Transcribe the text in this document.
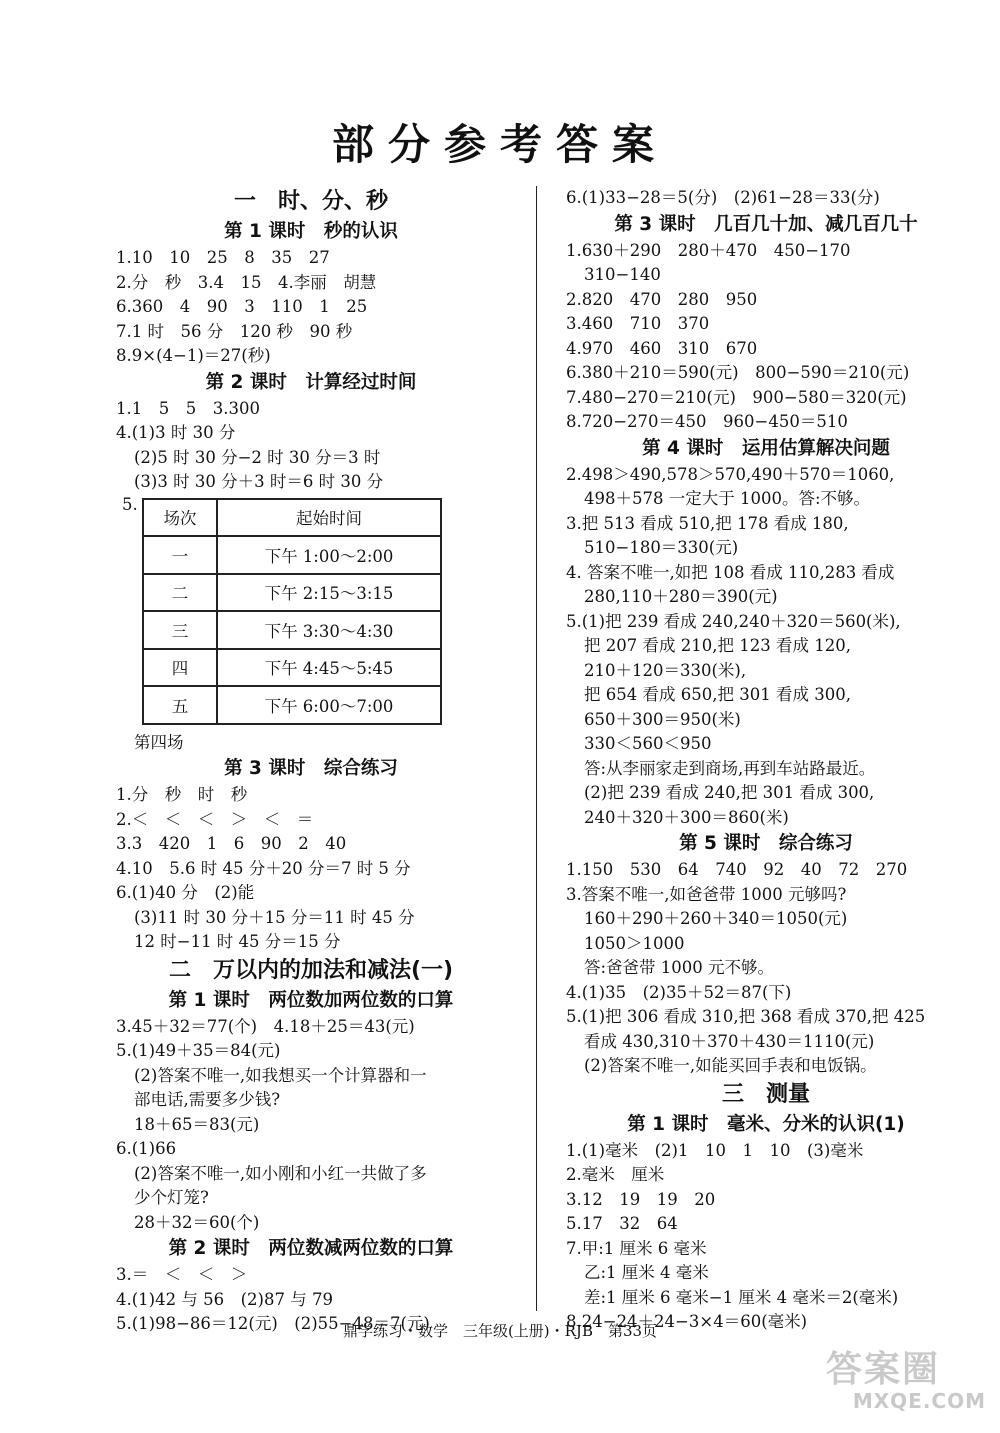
部分参考答案
一　时、分、秒
第 1 课时　秒的认识
1.10　10　25　8　35　27
2.分　秒　3.4　15　4.李丽　胡慧
6.360　4　90　3　110　1　25
7.1 时　56 分　120 秒　90 秒
8.9×(4−1)＝27(秒)
第 2 课时　计算经过时间
1.1　5　5　3.300
4.(1)3 时 30 分
(2)5 时 30 分−2 时 30 分＝3 时
(3)3 时 30 分＋3 时＝6 时 30 分
5.
场次	起始时间
一	下午 1:00～2:00
二	下午 2:15～3:15
三	下午 3:30～4:30
四	下午 4:45～5:45
五	下午 6:00～7:00
第四场
第 3 课时　综合练习
1.分　秒　时　秒
2.＜　＜　＜　＞　＜　＝
3.3　420　1　6　90　2　40
4.10　5.6 时 45 分＋20 分＝7 时 5 分
6.(1)40 分　(2)能
(3)11 时 30 分＋15 分＝11 时 45 分
12 时−11 时 45 分＝15 分
二　万以内的加法和减法(一)
第 1 课时　两位数加两位数的口算
3.45＋32＝77(个)　4.18＋25＝43(元)
5.(1)49＋35＝84(元)
(2)答案不唯一,如我想买一个计算器和一
部电话,需要多少钱?
18＋65＝83(元)
6.(1)66
(2)答案不唯一,如小刚和小红一共做了多
少个灯笼?
28＋32＝60(个)
第 2 课时　两位数减两位数的口算
3.＝　＜　＜　＞
4.(1)42 与 56　(2)87 与 79
5.(1)98−86＝12(元)　(2)55−48＝7(元)
6.(1)33−28＝5(分)　(2)61−28＝33(分)
第 3 课时　几百几十加、减几百几十
1.630＋290　280＋470　450−170
310−140
2.820　470　280　950
3.460　710　370
4.970　460　310　670
6.380＋210＝590(元)　800−590＝210(元)
7.480−270＝210(元)　900−580＝320(元)
8.720−270＝450　960−450＝510
第 4 课时　运用估算解决问题
2.498＞490,578＞570,490＋570＝1060,
498＋578 一定大于 1000。答:不够。
3.把 513 看成 510,把 178 看成 180,
510−180＝330(元)
4. 答案不唯一,如把 108 看成 110,283 看成
280,110＋280＝390(元)
5.(1)把 239 看成 240,240＋320＝560(米),
把 207 看成 210,把 123 看成 120,
210＋120＝330(米),
把 654 看成 650,把 301 看成 300,
650＋300＝950(米)
330＜560＜950
答:从李丽家走到商场,再到车站路最近。
(2)把 239 看成 240,把 301 看成 300,
240＋320＋300＝860(米)
第 5 课时　综合练习
1.150　530　64　740　92　40　72　270
3.答案不唯一,如爸爸带 1000 元够吗?
160＋290＋260＋340＝1050(元)
1050＞1000
答:爸爸带 1000 元不够。
4.(1)35　(2)35＋52＝87(下)
5.(1)把 306 看成 310,把 368 看成 370,把 425
看成 430,310＋370＋430＝1110(元)
(2)答案不唯一,如能买回手表和电饭锅。
三　测量
第 1 课时　毫米、分米的认识(1)
1.(1)毫米　(2)1　10　1　10　(3)毫米
2.毫米　厘米
3.12　19　19　20
5.17　32　64
7.甲:1 厘米 6 毫米
乙:1 厘米 4 毫米
差:1 厘米 6 毫米−1 厘米 4 毫米＝2(毫米)
8.24−24＋24−3×4＝60(毫米)
鼎学练习・数学　三年级(上册)・RJB　第33页
答案圈
MXQE.COM
